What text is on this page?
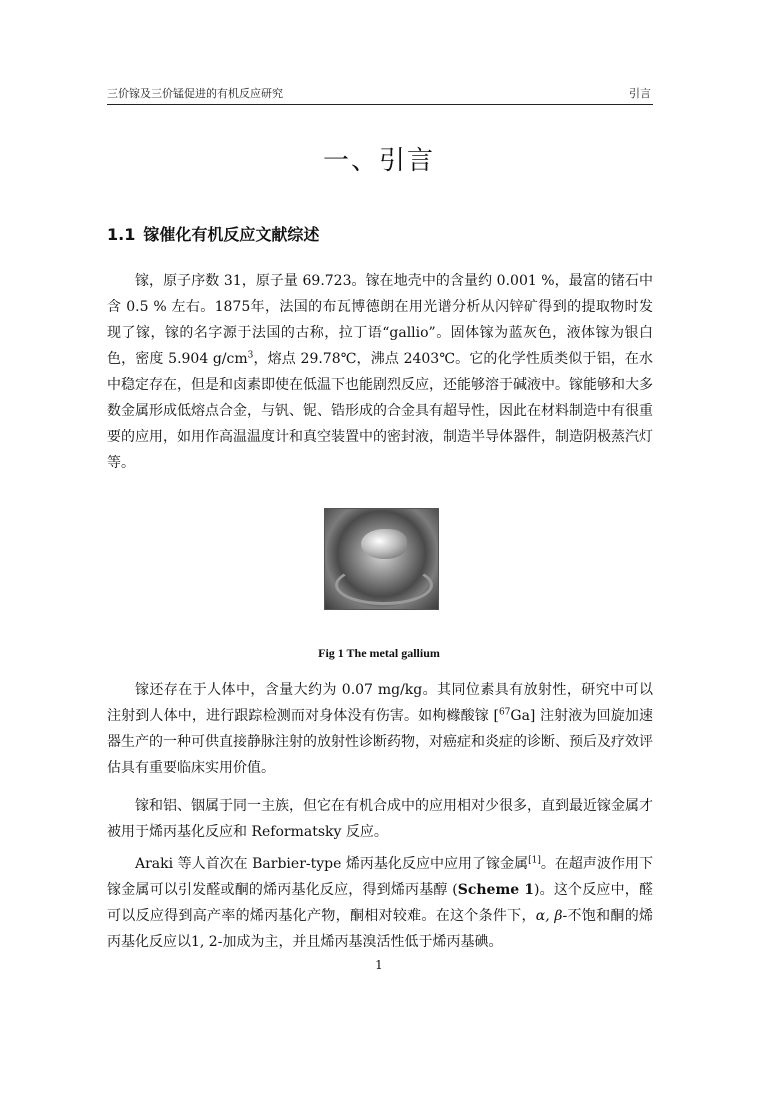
三价镓及三价锰促进的有机反应研究	引言
一、引言
1.1 镓催化有机反应文献综述

镓，原子序数 31，原子量 69.723。镓在地壳中的含量约 0.001 %，最富的锗石中含 0.5 % 左右。1875年，法国的布瓦博德朗在用光谱分析从闪锌矿得到的提取物时发现了镓，镓的名字源于法国的古称，拉丁语“gallio”。固体镓为蓝灰色，液体镓为银白色，密度 5.904 $g/cm^3$，熔点 29.78℃，沸点 2403℃。它的化学性质类似于铝，在水中稳定存在，但是和卤素即使在低温下也能剧烈反应，还能够溶于碱液中。镓能够和大多数金属形成低熔点合金，与钒、铌、锆形成的合金具有超导性，因此在材料制造中有很重要的应用，如用作高温温度计和真空装置中的密封液，制造半导体器件，制造阴极蒸汽灯等。

Fig 1 The metal gallium

镓还存在于人体中，含量大约为 0.07 mg/kg。其同位素具有放射性，研究中可以注射到人体中，进行跟踪检测而对身体没有伤害。如枸橼酸镓 [$^{67}$Ga] 注射液为回旋加速器生产的一种可供直接静脉注射的放射性诊断药物，对癌症和炎症的诊断、预后及疗效评估具有重要临床实用价值。

镓和铝、铟属于同一主族，但它在有机合成中的应用相对少很多，直到最近镓金属才被用于烯丙基化反应和 Reformatsky 反应。

Araki 等人首次在 Barbier-type 烯丙基化反应中应用了镓金属[1]。在超声波作用下镓金属可以引发醛或酮的烯丙基化反应，得到烯丙基醇 (Scheme 1)。这个反应中，醛可以反应得到高产率的烯丙基化产物，酮相对较难。在这个条件下，α, β-不饱和酮的烯丙基化反应以1, 2-加成为主，并且烯丙基溴活性低于烯丙基碘。

1
